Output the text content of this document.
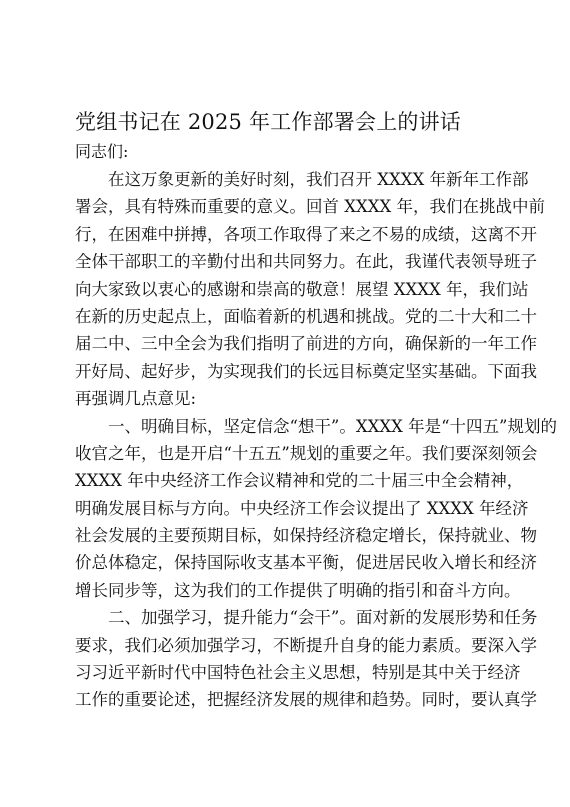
党组书记在 2025 年工作部署会上的讲话
同志们:
在这万象更新的美好时刻，我们召开 XXXX 年新年工作部
署会，具有特殊而重要的意义。回首 XXXX 年，我们在挑战中前
行，在困难中拼搏，各项工作取得了来之不易的成绩，这离不开
全体干部职工的辛勤付出和共同努力。在此，我谨代表领导班子
向大家致以衷心的感谢和崇高的敬意！展望 XXXX 年，我们站
在新的历史起点上，面临着新的机遇和挑战。党的二十大和二十
届二中、三中全会为我们指明了前进的方向，确保新的一年工作
开好局、起好步，为实现我们的长远目标奠定坚实基础。下面我
再强调几点意见:
一、明确目标，坚定信念“想干”。XXXX 年是“十四五”规划的
收官之年，也是开启“十五五”规划的重要之年。我们要深刻领会
XXXX 年中央经济工作会议精神和党的二十届三中全会精神，
明确发展目标与方向。中央经济工作会议提出了 XXXX 年经济
社会发展的主要预期目标，如保持经济稳定增长，保持就业、物
价总体稳定，保持国际收支基本平衡，促进居民收入增长和经济
增长同步等，这为我们的工作提供了明确的指引和奋斗方向。
二、加强学习，提升能力“会干”。面对新的发展形势和任务
要求，我们必须加强学习，不断提升自身的能力素质。要深入学
习习近平新时代中国特色社会主义思想，特别是其中关于经济
工作的重要论述，把握经济发展的规律和趋势。同时，要认真学
